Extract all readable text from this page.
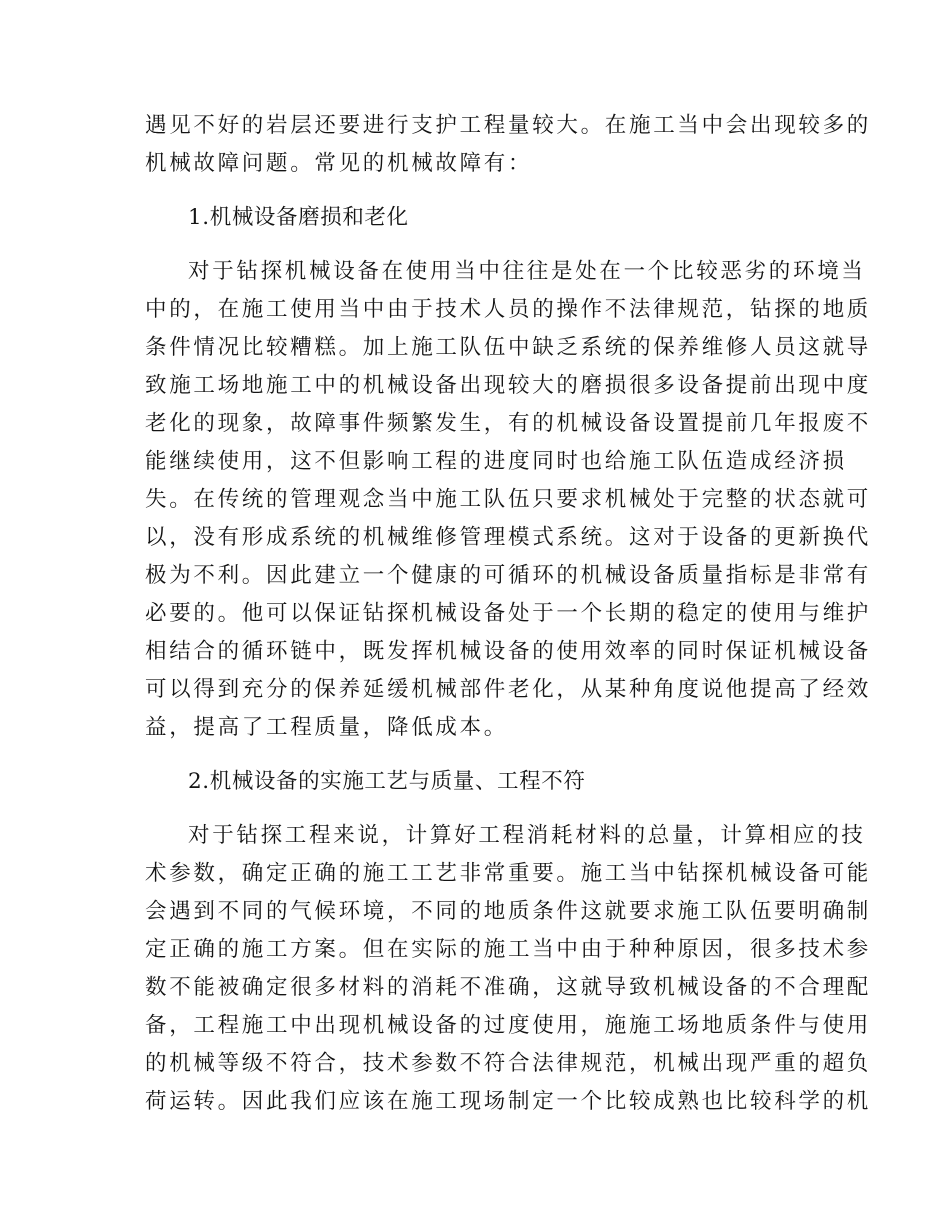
遇见不好的岩层还要进行支护工程量较大。在施工当中会出现较多的
机械故障问题。常见的机械故障有：
1.机械设备磨损和老化
对于钻探机械设备在使用当中往往是处在一个比较恶劣的环境当
中的，在施工使用当中由于技术人员的操作不法律规范，钻探的地质
条件情况比较糟糕。加上施工队伍中缺乏系统的保养维修人员这就导
致施工场地施工中的机械设备出现较大的磨损很多设备提前出现中度
老化的现象，故障事件频繁发生，有的机械设备设置提前几年报废不
能继续使用，这不但影响工程的进度同时也给施工队伍造成经济损
失。在传统的管理观念当中施工队伍只要求机械处于完整的状态就可
以，没有形成系统的机械维修管理模式系统。这对于设备的更新换代
极为不利。因此建立一个健康的可循环的机械设备质量指标是非常有
必要的。他可以保证钻探机械设备处于一个长期的稳定的使用与维护
相结合的循环链中，既发挥机械设备的使用效率的同时保证机械设备
可以得到充分的保养延缓机械部件老化，从某种角度说他提高了经效
益，提高了工程质量，降低成本。
2.机械设备的实施工艺与质量、工程不符
对于钻探工程来说，计算好工程消耗材料的总量，计算相应的技
术参数，确定正确的施工工艺非常重要。施工当中钻探机械设备可能
会遇到不同的气候环境，不同的地质条件这就要求施工队伍要明确制
定正确的施工方案。但在实际的施工当中由于种种原因，很多技术参
数不能被确定很多材料的消耗不准确，这就导致机械设备的不合理配
备，工程施工中出现机械设备的过度使用，施施工场地质条件与使用
的机械等级不符合，技术参数不符合法律规范，机械出现严重的超负
荷运转。因此我们应该在施工现场制定一个比较成熟也比较科学的机
